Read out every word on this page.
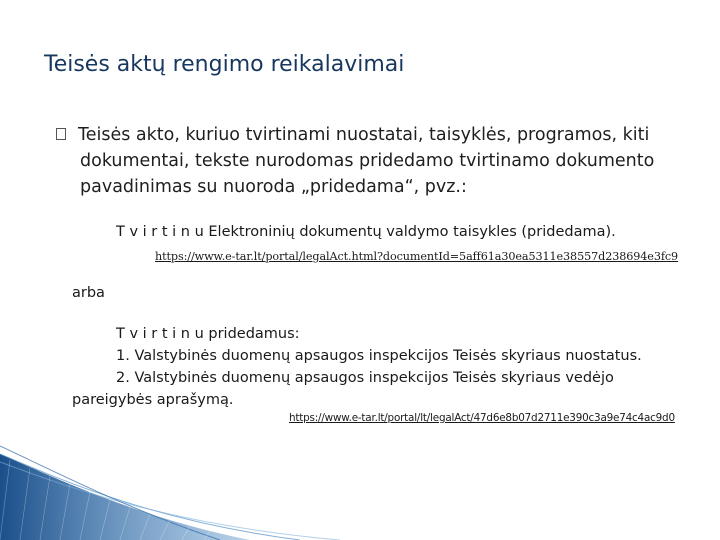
Teisės aktų rengimo reikalavimai
Teisės akto, kuriuo tvirtinami nuostatai, taisyklės, programos, kiti
dokumentai, tekste nurodomas pridedamo tvirtinamo dokumento
pavadinimas su nuoroda „pridedama“, pvz.:
T v i r t i n u Elektroninių dokumentų valdymo taisykles (pridedama).
https://www.e-tar.lt/portal/legalAct.html?documentId=5aff61a30ea5311e38557d238694e3fc9
arba
T v i r t i n u pridedamus:
1. Valstybinės duomenų apsaugos inspekcijos Teisės skyriaus nuostatus.
2. Valstybinės duomenų apsaugos inspekcijos Teisės skyriaus vedėjo
pareigybės aprašymą.
https://www.e-tar.lt/portal/lt/legalAct/47d6e8b07d2711e390c3a9e74c4ac9d0
